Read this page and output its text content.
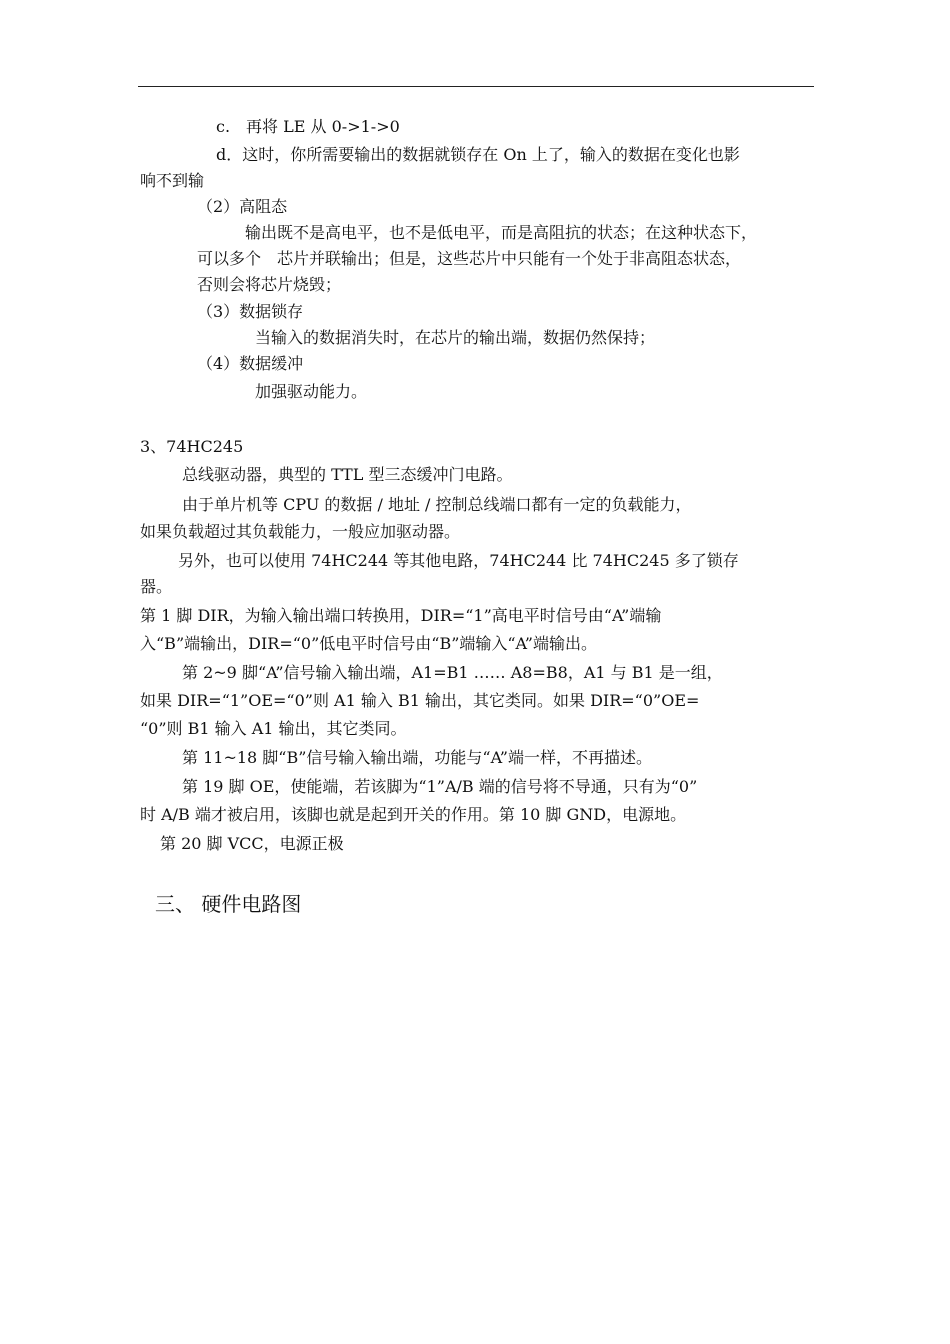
c.　再将 LE 从 0->1->0
d．这时，你所需要输出的数据就锁存在 On 上了，输入的数据在变化也影
响不到输
（2）高阻态
输出既不是高电平，也不是低电平，而是高阻抗的状态；在这种状态下，
可以多个　芯片并联输出；但是，这些芯片中只能有一个处于非高阻态状态，
否则会将芯片烧毁；
（3）数据锁存
当输入的数据消失时，在芯片的输出端，数据仍然保持；
（4）数据缓冲
加强驱动能力。
3、74HC245
总线驱动器，典型的 TTL 型三态缓冲门电路。
由于单片机等 CPU 的数据 / 地址 / 控制总线端口都有一定的负载能力，
如果负载超过其负载能力，一般应加驱动器。
另外，也可以使用 74HC244 等其他电路，74HC244 比 74HC245 多了锁存
器。
第 1 脚 DIR，为输入输出端口转换用，DIR=“1”高电平时信号由“A”端输
入“B”端输出，DIR=“0”低电平时信号由“B”端输入“A”端输出。
第 2~9 脚“A”信号输入输出端，A1=B1 …… A8=B8，A1 与 B1 是一组，
如果 DIR=“1”OE=“0”则 A1 输入 B1 输出，其它类同。如果 DIR=“0”OE=
“0”则 B1 输入 A1 输出，其它类同。
第 11~18 脚“B”信号输入输出端，功能与“A”端一样，不再描述。
第 19 脚 OE，使能端，若该脚为“1”A/B 端的信号将不导通，只有为“0”
时 A/B 端才被启用，该脚也就是起到开关的作用。第 10 脚 GND，电源地。
第 20 脚 VCC，电源正极
三、 硬件电路图
